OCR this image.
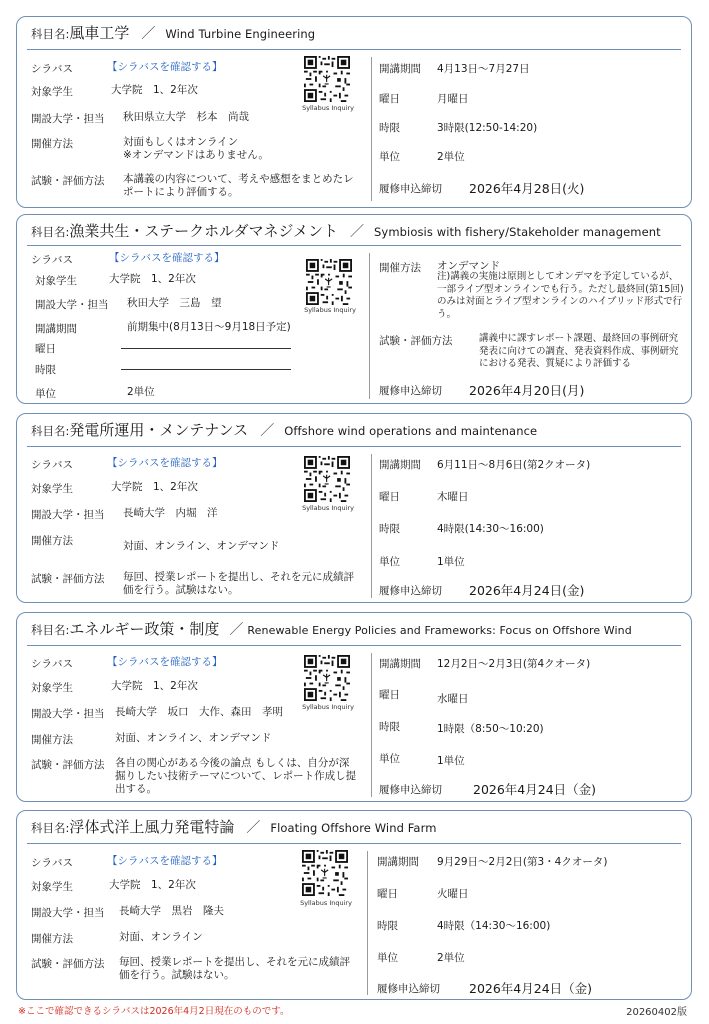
科目名:風車工学 ／ Wind Turbine Engineering
シラバス	【シラバスを確認する】
対象学生	大学院　1、2年次
開設大学・担当 秋田県立大学　杉本　尚哉
開催方法	対面もしくはオンライン
※オンデマンドはありません。
試験・評価方法 本講義の内容について、考えや感想をまとめたレポートにより評価する。
Syllabus Inquiry
開講期間 4月13日～7月27日
曜日	月曜日
時限	3時限(12:50-14:20)
単位	2単位
履修申込締切 2026年4月28日(火)
科目名:漁業共生・ステークホルダマネジメント ／ Symbiosis with fishery/Stakeholder management
シラバス	【シラバスを確認する】
対象学生	大学院　1、2年次
開設大学・担当 秋田大学　三島　望
開講期間	前期集中(8月13日～9月18日予定)
曜日
時限
単位	2単位
Syllabus Inquiry
開催方法 オンデマンド
注)講義の実施は原則としてオンデマを予定しているが、一部ライブ型オンラインでも行う。ただし最終回(第15回)のみは対面とライブ型オンラインのハイブリッド形式で行う。
試験・評価方法	講義中に課すレポート課題、最終回の事例研究発表に向けての調査、発表資料作成、事例研究における発表、質疑により評価する
履修申込締切 2026年4月20日(月)
科目名:発電所運用・メンテナンス ／ Offshore wind operations and maintenance
シラバス	【シラバスを確認する】
対象学生	大学院　1、2年次
開設大学・担当 長崎大学　内堀　洋
開催方法	対面、オンライン、オンデマンド
試験・評価方法 毎回、授業レポートを提出し、それを元に成績評価を行う。試験はない。
Syllabus Inquiry
開講期間 6月11日～8月6日(第2クオータ)
曜日	木曜日
時限	4時限(14:30～16:00)
単位	1単位
履修申込締切 2026年4月24日(金)
科目名:エネルギー政策・制度 ／ Renewable Energy Policies and Frameworks: Focus on Offshore Wind
シラバス	【シラバスを確認する】
対象学生	大学院　1、2年次
開設大学・担当 長崎大学　坂口　大作、森田　孝明
開催方法	対面、オンライン、オンデマンド
試験・評価方法 各自の関心がある今後の論点 もしくは、自分が深掘りしたい技術テーマについて、レポート作成し提出する。
Syllabus Inquiry
開講期間 12月2日～2月3日(第4クオータ)
曜日	水曜日
時限	1時限（8:50～10:20)
単位	1単位
履修申込締切 2026年4月24日（金)
科目名:浮体式洋上風力発電特論 ／ Floating Offshore Wind Farm
シラバス	【シラバスを確認する】
対象学生	大学院　1、2年次
開設大学・担当 長崎大学　黒岩　隆夫
開催方法	対面、オンライン
試験・評価方法 毎回、授業レポートを提出し、それを元に成績評価を行う。試験はない。
Syllabus Inquiry
開講期間 9月29日～2月2日(第3・4クオータ)
曜日	火曜日
時限	4時限（14:30～16:00)
単位	2単位
履修申込締切 2026年4月24日（金)
※ここで確認できるシラバスは2026年4月2日現在のものです。	20260402版
